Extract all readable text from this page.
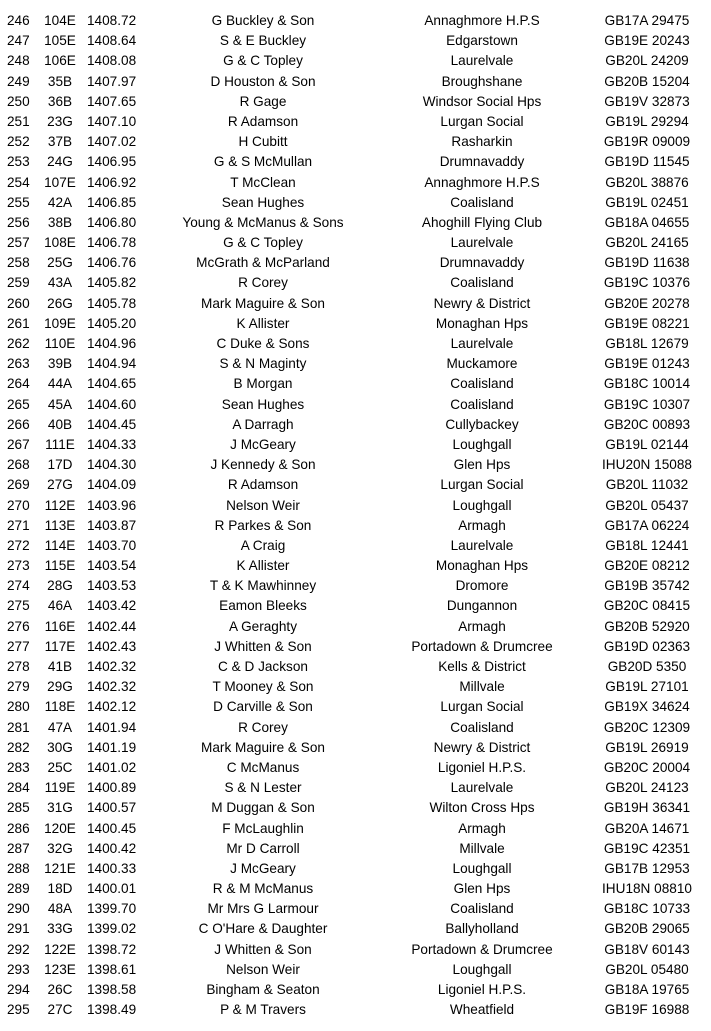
246	104E 1408.72	G Buckley & Son	Annaghmore H.P.S	GB17A 29475
247	105E 1408.64	S & E Buckley	Edgarstown	GB19E 20243
248	106E 1408.08	G & C Topley	Laurelvale	GB20L 24209
249	35B	1407.97	D Houston & Son	Broughshane	GB20B 15204
250	36B	1407.65	R Gage	Windsor Social Hps	GB19V 32873
251	23G	1407.10	R Adamson	Lurgan Social	GB19L 29294
252	37B	1407.02	H Cubitt	Rasharkin	GB19R 09009
253	24G	1406.95	G & S McMullan	Drumnavaddy	GB19D 11545
254	107E 1406.92	T McClean	Annaghmore H.P.S	GB20L 38876
255	42A	1406.85	Sean Hughes	Coalisland	GB19L 02451
256	38B	1406.80	Young & McManus & Sons	Ahoghill Flying Club	GB18A 04655
257	108E 1406.78	G & C Topley	Laurelvale	GB20L 24165
258	25G	1406.76	McGrath & McParland	Drumnavaddy	GB19D 11638
259	43A	1405.82	R Corey	Coalisland	GB19C 10376
260	26G	1405.78	Mark Maguire & Son	Newry & District	GB20E 20278
261	109E 1405.20	K Allister	Monaghan Hps	GB19E 08221
262	110E 1404.96	C Duke & Sons	Laurelvale	GB18L 12679
263	39B	1404.94	S & N Maginty	Muckamore	GB19E 01243
264	44A	1404.65	B Morgan	Coalisland	GB18C 10014
265	45A	1404.60	Sean Hughes	Coalisland	GB19C 10307
266	40B	1404.45	A Darragh	Cullybackey	GB20C 00893
267	111E 1404.33	J McGeary	Loughgall	GB19L 02144
268	17D	1404.30	J Kennedy & Son	Glen Hps	IHU20N 15088
269	27G	1404.09	R Adamson	Lurgan Social	GB20L 11032
270	112E 1403.96	Nelson Weir	Loughgall	GB20L 05437
271	113E 1403.87	R Parkes & Son	Armagh	GB17A 06224
272	114E 1403.70	A Craig	Laurelvale	GB18L 12441
273	115E 1403.54	K Allister	Monaghan Hps	GB20E 08212
274	28G	1403.53	T & K Mawhinney	Dromore	GB19B 35742
275	46A	1403.42	Eamon Bleeks	Dungannon	GB20C 08415
276	116E 1402.44	A Geraghty	Armagh	GB20B 52920
277	117E 1402.43	J Whitten & Son	Portadown & Drumcree	GB19D 02363
278	41B	1402.32	C & D Jackson	Kells & District	GB20D 5350
279	29G	1402.32	T Mooney & Son	Millvale	GB19L 27101
280	118E 1402.12	D Carville & Son	Lurgan Social	GB19X 34624
281	47A	1401.94	R Corey	Coalisland	GB20C 12309
282	30G	1401.19	Mark Maguire & Son	Newry & District	GB19L 26919
283	25C	1401.02	C McManus	Ligoniel H.P.S.	GB20C 20004
284	119E 1400.89	S & N Lester	Laurelvale	GB20L 24123
285	31G	1400.57	M Duggan & Son	Wilton Cross Hps	GB19H 36341
286	120E 1400.45	F McLaughlin	Armagh	GB20A 14671
287	32G	1400.42	Mr D Carroll	Millvale	GB19C 42351
288	121E 1400.33	J McGeary	Loughgall	GB17B 12953
289	18D	1400.01	R & M McManus	Glen Hps	IHU18N 08810
290	48A	1399.70	Mr Mrs G Larmour	Coalisland	GB18C 10733
291	33G	1399.02	C O'Hare & Daughter	Ballyholland	GB20B 29065
292	122E 1398.72	J Whitten & Son	Portadown & Drumcree	GB18V 60143
293	123E 1398.61	Nelson Weir	Loughgall	GB20L 05480
294	26C	1398.58	Bingham & Seaton	Ligoniel H.P.S.	GB18A 19765
295	27C	1398.49	P & M Travers	Wheatfield	GB19F 16988
